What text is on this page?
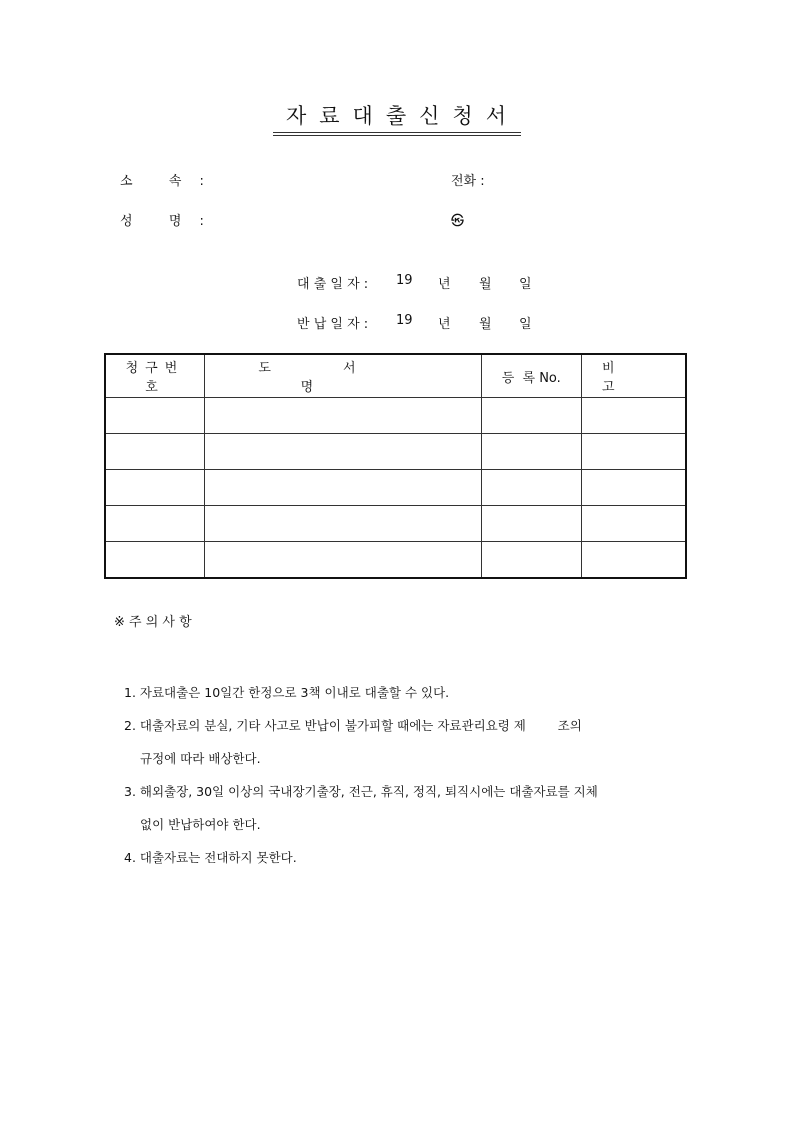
자료대출신청서
소  속 :	전화 :
성  명 :	㉿
대 출 일 자 : 19 년 월 일
반 납 일 자 : 19 년 월 일
청구번호	도서명	등  록 No.	비고

※ 주 의 사 항
1. 자료대출은 10일간 한정으로 3책 이내로 대출할 수 있다.
2. 대출자료의 분실, 기타 사고로 반납이 불가피할 때에는 자료관리요령 제        조의
규정에 따라 배상한다.
3. 해외출장, 30일 이상의 국내장기출장, 전근, 휴직, 정직, 퇴직시에는 대출자료를 지체
없이 반납하여야 한다.
4. 대출자료는 전대하지 못한다.
